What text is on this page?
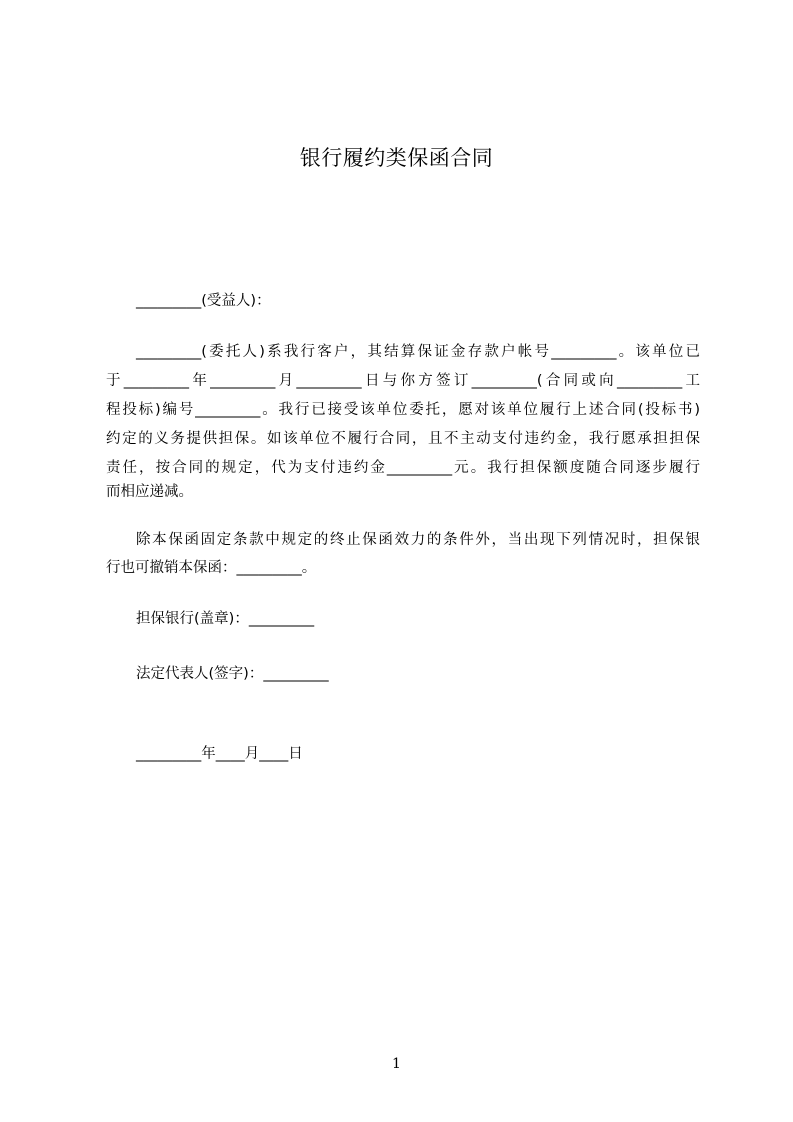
银行履约类保函合同
_________(受益人)：
_________(委托人)系我行客户，其结算保证金存款户帐号_________。该单位已
于_________年_________月_________日与你方签订_________(合同或向_________工
程投标)编号_________。我行已接受该单位委托，愿对该单位履行上述合同(投标书)
约定的义务提供担保。如该单位不履行合同，且不主动支付违约金，我行愿承担担保
责任，按合同的规定，代为支付违约金_________元。我行担保额度随合同逐步履行
而相应递减。
除本保函固定条款中规定的终止保函效力的条件外，当出现下列情况时，担保银
行也可撤销本保函：_________。
担保银行(盖章)：_________
法定代表人(签字)：_________
_________年____月____日
1
